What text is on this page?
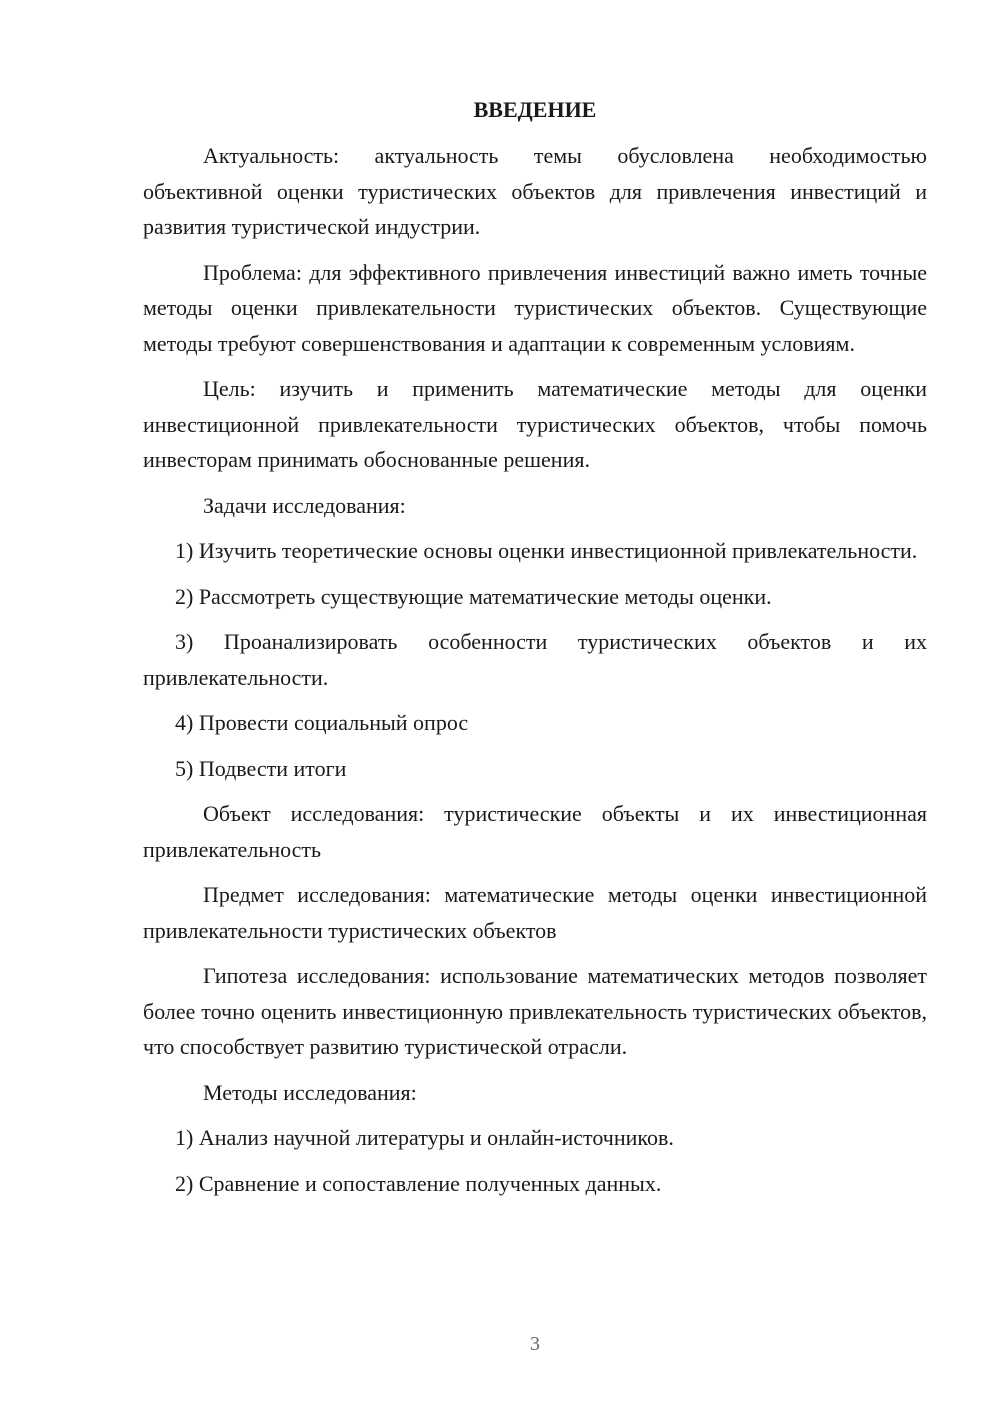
ВВЕДЕНИЕ

Актуальность: актуальность темы обусловлена необходимостью объективной оценки туристических объектов для привлечения инвестиций и развития туристической индустрии.

Проблема: для эффективного привлечения инвестиций важно иметь точные методы оценки привлекательности туристических объектов. Существующие методы требуют совершенствования и адаптации к современным условиям.

Цель: изучить и применить математические методы для оценки инвестиционной привлекательности туристических объектов, чтобы помочь инвесторам принимать обоснованные решения.

Задачи исследования:

1) Изучить теоретические основы оценки инвестиционной привлекательности.

2) Рассмотреть существующие математические методы оценки.

3) Проанализировать особенности туристических объектов и их привлекательности.

4) Провести социальный опрос

5) Подвести итоги

Объект исследования: туристические объекты и их инвестиционная привлекательность

Предмет исследования: математические методы оценки инвестиционной привлекательности туристических объектов

Гипотеза исследования: использование математических методов позволяет более точно оценить инвестиционную привлекательность туристических объектов, что способствует развитию туристической отрасли.

Методы исследования:

1) Анализ научной литературы и онлайн-источников.

2) Сравнение и сопоставление полученных данных.

3
